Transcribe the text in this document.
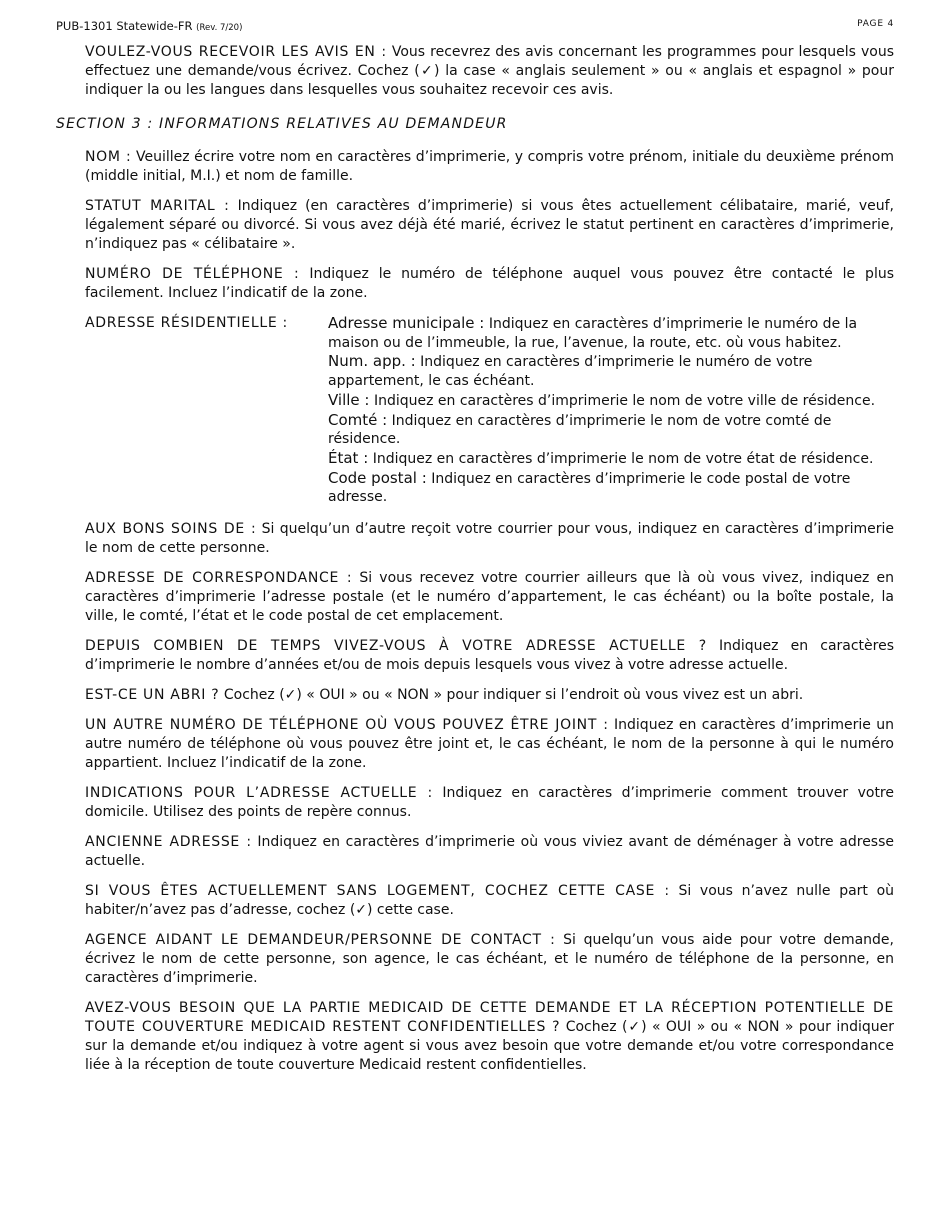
PUB-1301 Statewide-FR (Rev. 7/20)	PAGE 4

VOULEZ-VOUS RECEVOIR LES AVIS EN : Vous recevrez des avis concernant les programmes pour lesquels vous effectuez une demande/vous écrivez. Cochez (✓) la case « anglais seulement » ou « anglais et espagnol » pour indiquer la ou les langues dans lesquelles vous souhaitez recevoir ces avis.

SECTION 3 : INFORMATIONS RELATIVES AU DEMANDEUR

NOM : Veuillez écrire votre nom en caractères d’imprimerie, y compris votre prénom, initiale du deuxième prénom (middle initial, M.I.) et nom de famille.

STATUT MARITAL : Indiquez (en caractères d’imprimerie) si vous êtes actuellement célibataire, marié, veuf, légalement séparé ou divorcé. Si vous avez déjà été marié, écrivez le statut pertinent en caractères d’imprimerie, n’indiquez pas « célibataire ».

NUMÉRO DE TÉLÉPHONE : Indiquez le numéro de téléphone auquel vous pouvez être contacté le plus facilement. Incluez l’indicatif de la zone.

ADRESSE RÉSIDENTIELLE :	Adresse municipale : Indiquez en caractères d’imprimerie le numéro de la maison ou de l’immeuble, la rue, l’avenue, la route, etc. où vous habitez.
Num. app. : Indiquez en caractères d’imprimerie le numéro de votre appartement, le cas échéant.
Ville : Indiquez en caractères d’imprimerie le nom de votre ville de résidence.
Comté : Indiquez en caractères d’imprimerie le nom de votre comté de résidence.
État : Indiquez en caractères d’imprimerie le nom de votre état de résidence.
Code postal : Indiquez en caractères d’imprimerie le code postal de votre adresse.

AUX BONS SOINS DE : Si quelqu’un d’autre reçoit votre courrier pour vous, indiquez en caractères d’imprimerie le nom de cette personne.

ADRESSE DE CORRESPONDANCE : Si vous recevez votre courrier ailleurs que là où vous vivez, indiquez en caractères d’imprimerie l’adresse postale (et le numéro d’appartement, le cas échéant) ou la boîte postale, la ville, le comté, l’état et le code postal de cet emplacement.

DEPUIS COMBIEN DE TEMPS VIVEZ-VOUS À VOTRE ADRESSE ACTUELLE ? Indiquez en caractères d’imprimerie le nombre d’années et/ou de mois depuis lesquels vous vivez à votre adresse actuelle.

EST-CE UN ABRI ? Cochez (✓) « OUI » ou « NON » pour indiquer si l’endroit où vous vivez est un abri.

UN AUTRE NUMÉRO DE TÉLÉPHONE OÙ VOUS POUVEZ ÊTRE JOINT : Indiquez en caractères d’imprimerie un autre numéro de téléphone où vous pouvez être joint et, le cas échéant, le nom de la personne à qui le numéro appartient. Incluez l’indicatif de la zone.

INDICATIONS POUR L’ADRESSE ACTUELLE : Indiquez en caractères d’imprimerie comment trouver votre domicile. Utilisez des points de repère connus.

ANCIENNE ADRESSE : Indiquez en caractères d’imprimerie où vous viviez avant de déménager à votre adresse actuelle.

SI VOUS ÊTES ACTUELLEMENT SANS LOGEMENT, COCHEZ CETTE CASE : Si vous n’avez nulle part où habiter/n’avez pas d’adresse, cochez (✓) cette case.

AGENCE AIDANT LE DEMANDEUR/PERSONNE DE CONTACT : Si quelqu’un vous aide pour votre demande, écrivez le nom de cette personne, son agence, le cas échéant, et le numéro de téléphone de la personne, en caractères d’imprimerie.

AVEZ-VOUS BESOIN QUE LA PARTIE MEDICAID DE CETTE DEMANDE ET LA RÉCEPTION POTENTIELLE DE TOUTE COUVERTURE MEDICAID RESTENT CONFIDENTIELLES ? Cochez (✓) « OUI » ou « NON » pour indiquer sur la demande et/ou indiquez à votre agent si vous avez besoin que votre demande et/ou votre correspondance liée à la réception de toute couverture Medicaid restent confidentielles.
